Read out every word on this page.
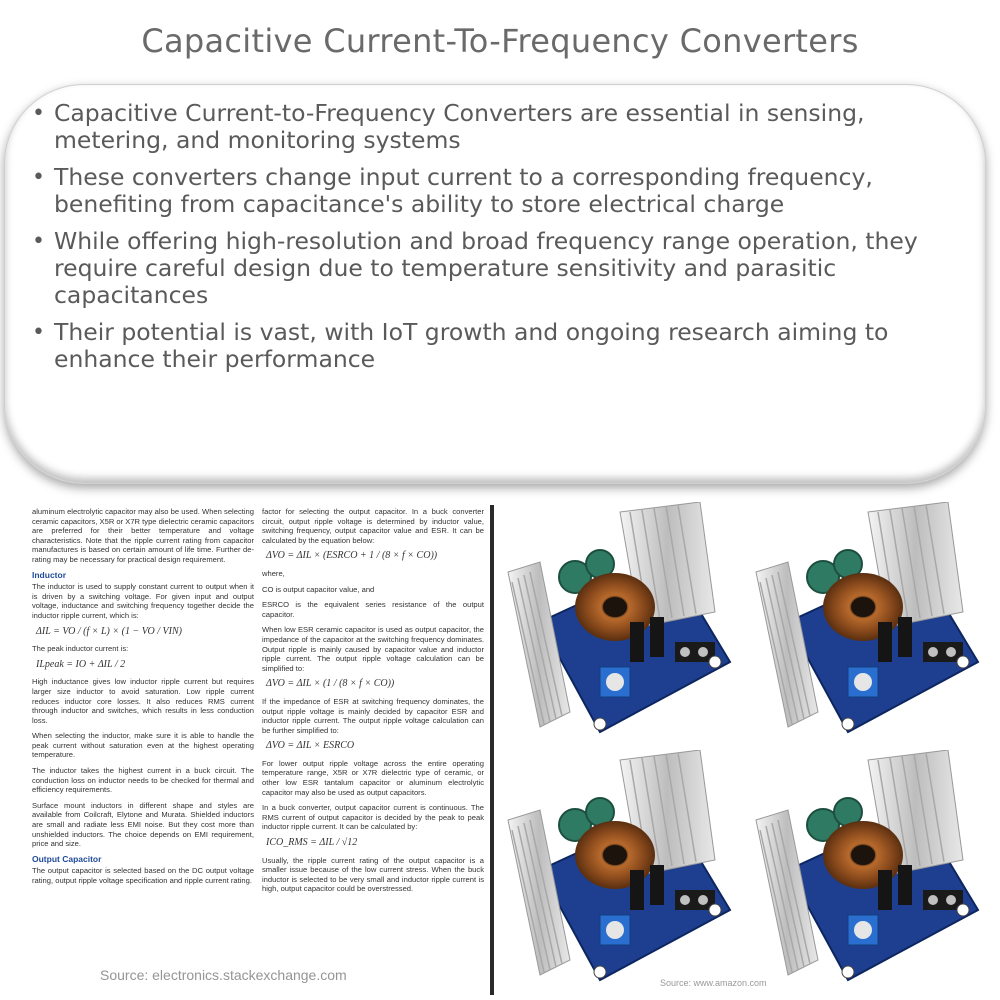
Capacitive Current-To-Frequency Converters
• Capacitive Current-to-Frequency Converters are essential in sensing, metering, and monitoring systems
• These converters change input current to a corresponding frequency, benefiting from capacitance's ability to store electrical charge
• While offering high-resolution and broad frequency range operation, they require careful design due to temperature sensitivity and parasitic capacitances
• Their potential is vast, with IoT growth and ongoing research aiming to enhance their performance

aluminum electrolytic capacitor may also be used. When selecting ceramic capacitors, X5R or X7R type dielectric ceramic capacitors are preferred for their better temperature and voltage characteristics. Note that the ripple current rating from capacitor manufactures is based on certain amount of life time. Further de-rating may be necessary for practical design requirement.

Inductor

The inductor is used to supply constant current to output when it is driven by a switching voltage. For given input and output voltage, inductance and switching frequency together decide the inductor ripple current, which is:

ΔIL = VO / (f × L) × (1 − VO / VIN)

The peak inductor current is:

ILpeak = IO + ΔIL / 2

High inductance gives low inductor ripple current but requires larger size inductor to avoid saturation. Low ripple current reduces inductor core losses. It also reduces RMS current through inductor and switches, which results in less conduction loss.

When selecting the inductor, make sure it is able to handle the peak current without saturation even at the highest operating temperature.

The inductor takes the highest current in a buck circuit. The conduction loss on inductor needs to be checked for thermal and efficiency requirements.

Surface mount inductors in different shape and styles are available from Coilcraft, Elytone and Murata. Shielded inductors are small and radiate less EMI noise. But they cost more than unshielded inductors. The choice depends on EMI requirement, price and size.

Output Capacitor

The output capacitor is selected based on the DC output voltage rating, output ripple voltage specification and ripple current rating.

factor for selecting the output capacitor. In a buck converter circuit, output ripple voltage is determined by inductor value, switching frequency, output capacitor value and ESR. It can be calculated by the equation below:

ΔVO = ΔIL × (ESRCO + 1 / (8 × f × CO))

where,

CO is output capacitor value, and

ESRCO is the equivalent series resistance of the output capacitor.

When low ESR ceramic capacitor is used as output capacitor, the impedance of the capacitor at the switching frequency dominates. Output ripple is mainly caused by capacitor value and inductor ripple current. The output ripple voltage calculation can be simplified to:

ΔVO = ΔIL × (1 / (8 × f × CO))

If the impedance of ESR at switching frequency dominates, the output ripple voltage is mainly decided by capacitor ESR and inductor ripple current. The output ripple voltage calculation can be further simplified to:

ΔVO = ΔIL × ESRCO

For lower output ripple voltage across the entire operating temperature range, X5R or X7R dielectric type of ceramic, or other low ESR tantalum capacitor or aluminum electrolytic capacitor may also be used as output capacitors.

In a buck converter, output capacitor current is continuous. The RMS current of output capacitor is decided by the peak to peak inductor ripple current. It can be calculated by:

ICO_RMS = ΔIL / √12

Usually, the ripple current rating of the output capacitor is a smaller issue because of the low current stress. When the buck inductor is selected to be very small and inductor ripple current is high, output capacitor could be overstressed.

Source: electronics.stackexchange.com	Source: www.amazon.com
